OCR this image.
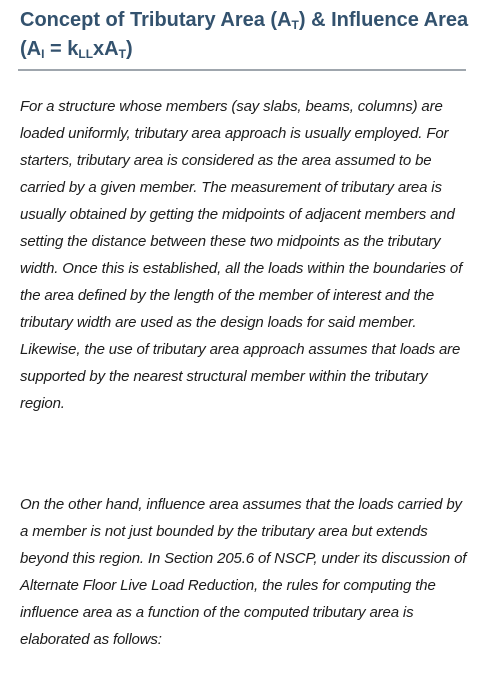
Concept of Tributary Area $(A_T)$ & Influence Area $(A_I = k_{LL}xA_T)$

For a structure whose members (say slabs, beams, columns) are loaded uniformly, tributary area approach is usually employed. For starters, tributary area is considered as the area assumed to be carried by a given member. The measurement of tributary area is usually obtained by getting the midpoints of adjacent members and setting the distance between these two midpoints as the tributary width. Once this is established, all the loads within the boundaries of the area defined by the length of the member of interest and the tributary width are used as the design loads for said member. Likewise, the use of tributary area approach assumes that loads are supported by the nearest structural member within the tributary region.

On the other hand, influence area assumes that the loads carried by a member is not just bounded by the tributary area but extends beyond this region. In Section 205.6 of NSCP, under its discussion of Alternate Floor Live Load Reduction, the rules for computing the influence area as a function of the computed tributary area is elaborated as follows:
